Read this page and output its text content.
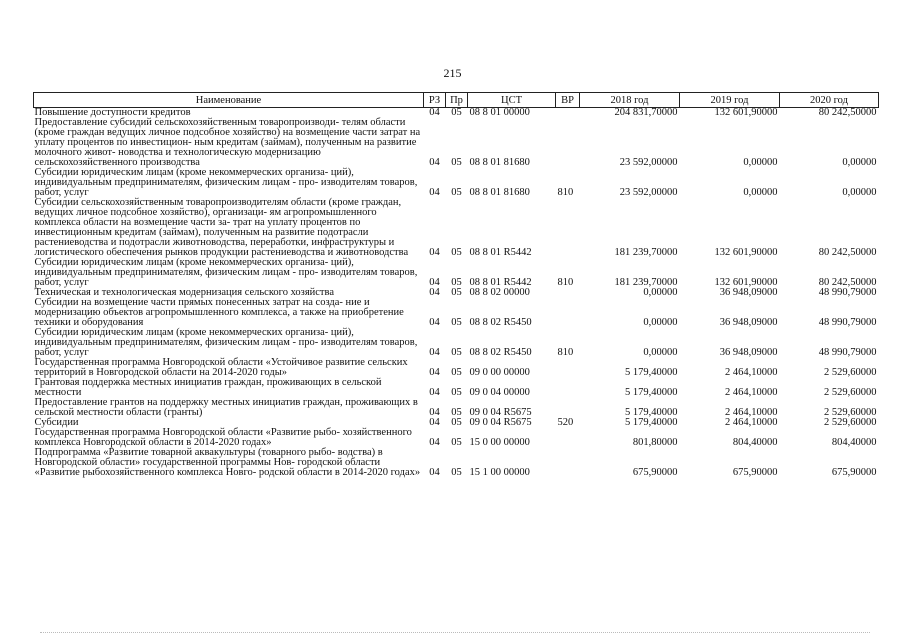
215
Наименование	РЗ	Пр	ЦСТ	ВР	2018 год	2019 год	2020 год
Повышение доступности кредитов	04	05	08 8 01 00000		204 831,70000	132 601,90000	80 242,50000
Предоставление субсидий сельскохозяйственным товаропроизводи- телям области (кроме граждан ведущих личное подсобное хозяйство) на возмещение части затрат на уплату процентов по инвестицион- ным кредитам (займам), полученным на развитие молочного живот- новодства и технологическую модернизацию сельскохозяйственного производства	04	05	08 8 01 81680		23 592,00000	0,00000	0,00000
Субсидии юридическим лицам (кроме некоммерческих организа- ций), индивидуальным предпринимателям, физическим лицам - про- изводителям товаров, работ, услуг	04	05	08 8 01 81680	810	23 592,00000	0,00000	0,00000
Субсидии сельскохозяйственным товаропроизводителям области (кроме граждан, ведущих личное подсобное хозяйство), организаци- ям агропромышленного комплекса области на возмещение части за- трат на уплату процентов по инвестиционным кредитам (займам), полученным на развитие подотрасли растениеводства и подотрасли животноводства, переработки, инфраструктуры и логистического обеспечения рынков продукции растениеводства и животноводства	04	05	08 8 01 R5442		181 239,70000	132 601,90000	80 242,50000
Субсидии юридическим лицам (кроме некоммерческих организа- ций), индивидуальным предпринимателям, физическим лицам - про- изводителям товаров, работ, услуг	04	05	08 8 01 R5442	810	181 239,70000	132 601,90000	80 242,50000
Техническая и технологическая модернизация сельского хозяйства	04	05	08 8 02 00000		0,00000	36 948,09000	48 990,79000
Субсидии на возмещение части прямых понесенных затрат на созда- ние и модернизацию объектов агропромышленного комплекса, а также на приобретение техники и оборудования	04	05	08 8 02 R5450		0,00000	36 948,09000	48 990,79000
Субсидии юридическим лицам (кроме некоммерческих организа- ций), индивидуальным предпринимателям, физическим лицам - про- изводителям товаров, работ, услуг	04	05	08 8 02 R5450	810	0,00000	36 948,09000	48 990,79000
Государственная программа Новгородской области «Устойчивое развитие сельских территорий в Новгородской области на 2014-2020 годы»	04	05	09 0 00 00000		5 179,40000	2 464,10000	2 529,60000
Грантовая поддержка местных инициатив граждан, проживающих в сельской местности	04	05	09 0 04 00000		5 179,40000	2 464,10000	2 529,60000
Предоставление грантов на поддержку местных инициатив граждан, проживающих в сельской местности области (гранты)	04	05	09 0 04 R5675		5 179,40000	2 464,10000	2 529,60000
Субсидии	04	05	09 0 04 R5675	520	5 179,40000	2 464,10000	2 529,60000
Государственная программа Новгородской области «Развитие рыбо- хозяйственного комплекса Новгородской области в 2014-2020 годах»	04	05	15 0 00 00000		801,80000	804,40000	804,40000
Подпрограмма «Развитие товарной аквакультуры (товарного рыбо- водства) в Новгородской области» государственной программы Нов- городской области «Развитие рыбохозяйственного комплекса Новго- родской области в 2014-2020 годах»	04	05	15 1 00 00000		675,90000	675,90000	675,90000
